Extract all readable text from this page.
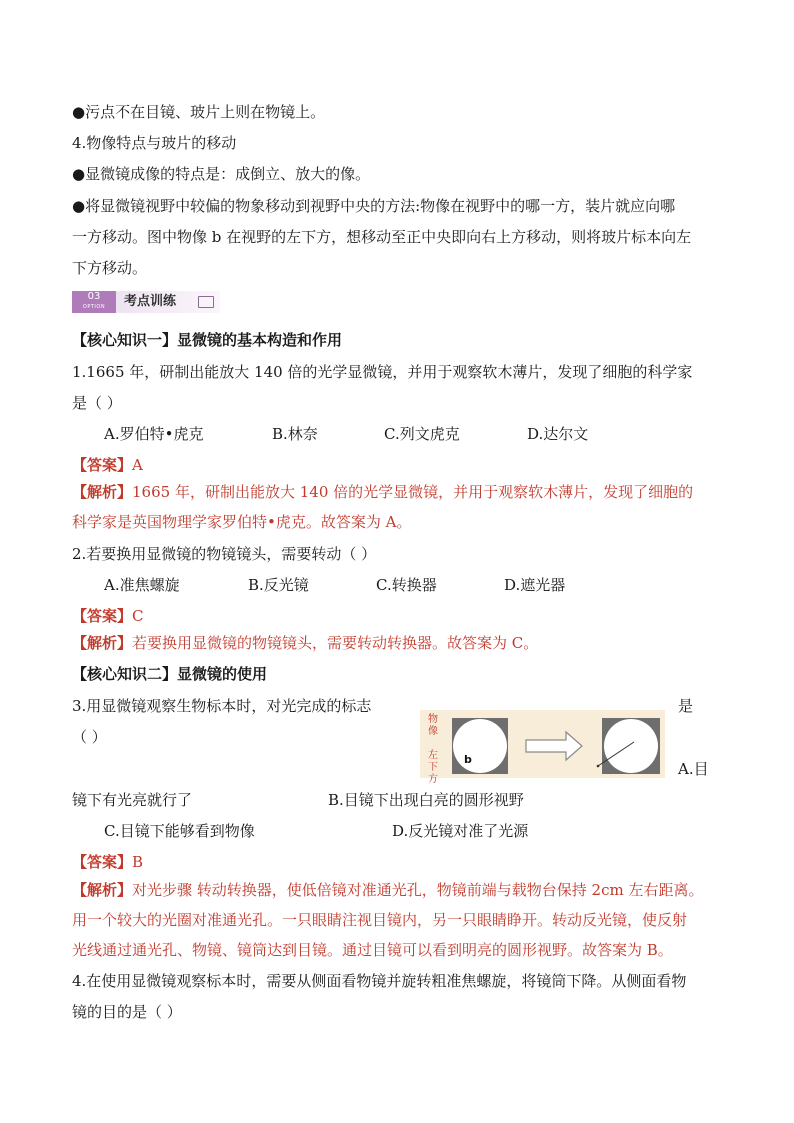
●污点不在目镜、玻片上则在物镜上。
4.物像特点与玻片的移动
●显微镜成像的特点是：成倒立、放大的像。
●将显微镜视野中较偏的物象移动到视野中央的方法:物像在视野中的哪一方，装片就应向哪
一方移动。图中物像 b 在视野的左下方，想移动至正中央即向右上方移动，则将玻片标本向左
下方移动。
03
OPTION	考点训练
【核心知识一】显微镜的基本构造和作用
1.1665 年，研制出能放大 140 倍的光学显微镜，并用于观察软木薄片，发现了细胞的科学家
是（ ）
A.罗伯特•虎克	B.林奈	C.列文虎克	D.达尔文
【答案】A
【解析】1665 年，研制出能放大 140 倍的光学显微镜，并用于观察软木薄片，发现了细胞的
科学家是英国物理学家罗伯特•虎克。故答案为 A。
2.若要换用显微镜的物镜镜头，需要转动（ ）
A.准焦螺旋	B.反光镜	C.转换器	D.遮光器
【答案】C
【解析】若要换用显微镜的物镜镜头，需要转动转换器。故答案为 C。
【核心知识二】显微镜的使用
3.用显微镜观察生物标本时，对光完成的标志	是
（ ）
物像

左下方
b
A.目
镜下有光亮就行了	B.目镜下出现白亮的圆形视野
C.目镜下能够看到物像	D.反光镜对准了光源
【答案】B
【解析】对光步骤 转动转换器，使低倍镜对准通光孔，物镜前端与载物台保持 2cm 左右距离。
用一个较大的光圈对准通光孔。一只眼睛注视目镜内，另一只眼睛睁开。转动反光镜，使反射
光线通过通光孔、物镜、镜筒达到目镜。通过目镜可以看到明亮的圆形视野。故答案为 B。
4.在使用显微镜观察标本时，需要从侧面看物镜并旋转粗准焦螺旋，将镜筒下降。从侧面看物
镜的目的是（ ）
